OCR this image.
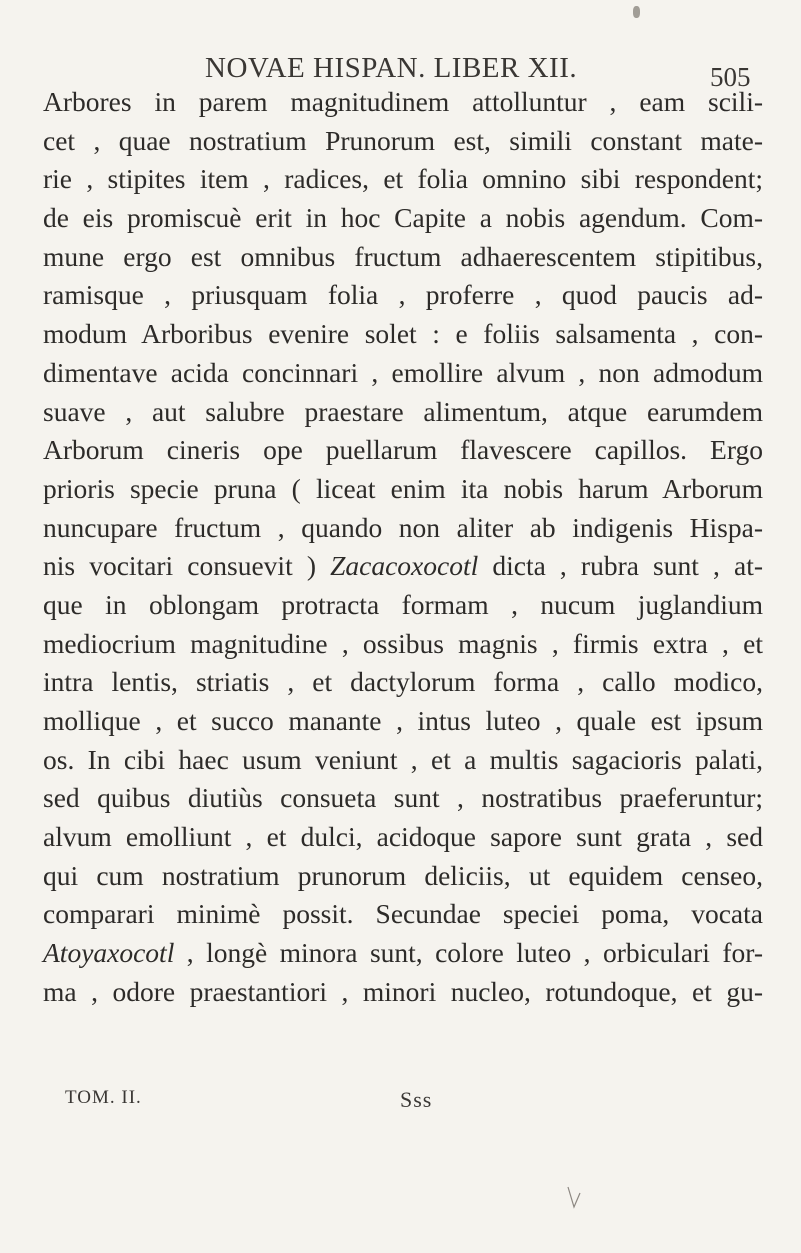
NOVAE HISPAN. LIBER XII.	505
Arbores in parem magnitudinem attolluntur , eam scili-
cet , quae nostratium Prunorum est, simili constant mate-
rie , stipites item , radices, et folia omnino sibi respondent;
de eis promiscuè erit in hoc Capite a nobis agendum. Com-
mune ergo est omnibus fructum adhaerescentem stipitibus,
ramisque , priusquam folia , proferre , quod paucis ad-
modum Arboribus evenire solet : e foliis salsamenta , con-
dimentave acida concinnari , emollire alvum , non admodum
suave , aut salubre praestare alimentum, atque earumdem
Arborum cineris ope puellarum flavescere capillos. Ergo
prioris specie pruna ( liceat enim ita nobis harum Arborum
nuncupare fructum , quando non aliter ab indigenis Hispa-
nis vocitari consuevit ) Zacacoxocotl dicta , rubra sunt , at-
que in oblongam protracta formam , nucum juglandium
mediocrium magnitudine , ossibus magnis , firmis extra , et
intra lentis, striatis , et dactylorum forma , callo modico,
mollique , et succo manante , intus luteo , quale est ipsum
os. In cibi haec usum veniunt , et a multis sagacioris palati,
sed quibus diutiùs consueta sunt , nostratibus praeferuntur;
alvum emolliunt , et dulci, acidoque sapore sunt grata , sed
qui cum nostratium prunorum deliciis, ut equidem censeo,
comparari minimè possit. Secundae speciei poma, vocata
Atoyaxocotl , longè minora sunt, colore luteo , orbiculari for-
ma , odore praestantiori , minori nucleo, rotundoque, et gu-
TOM. II.	Sss
